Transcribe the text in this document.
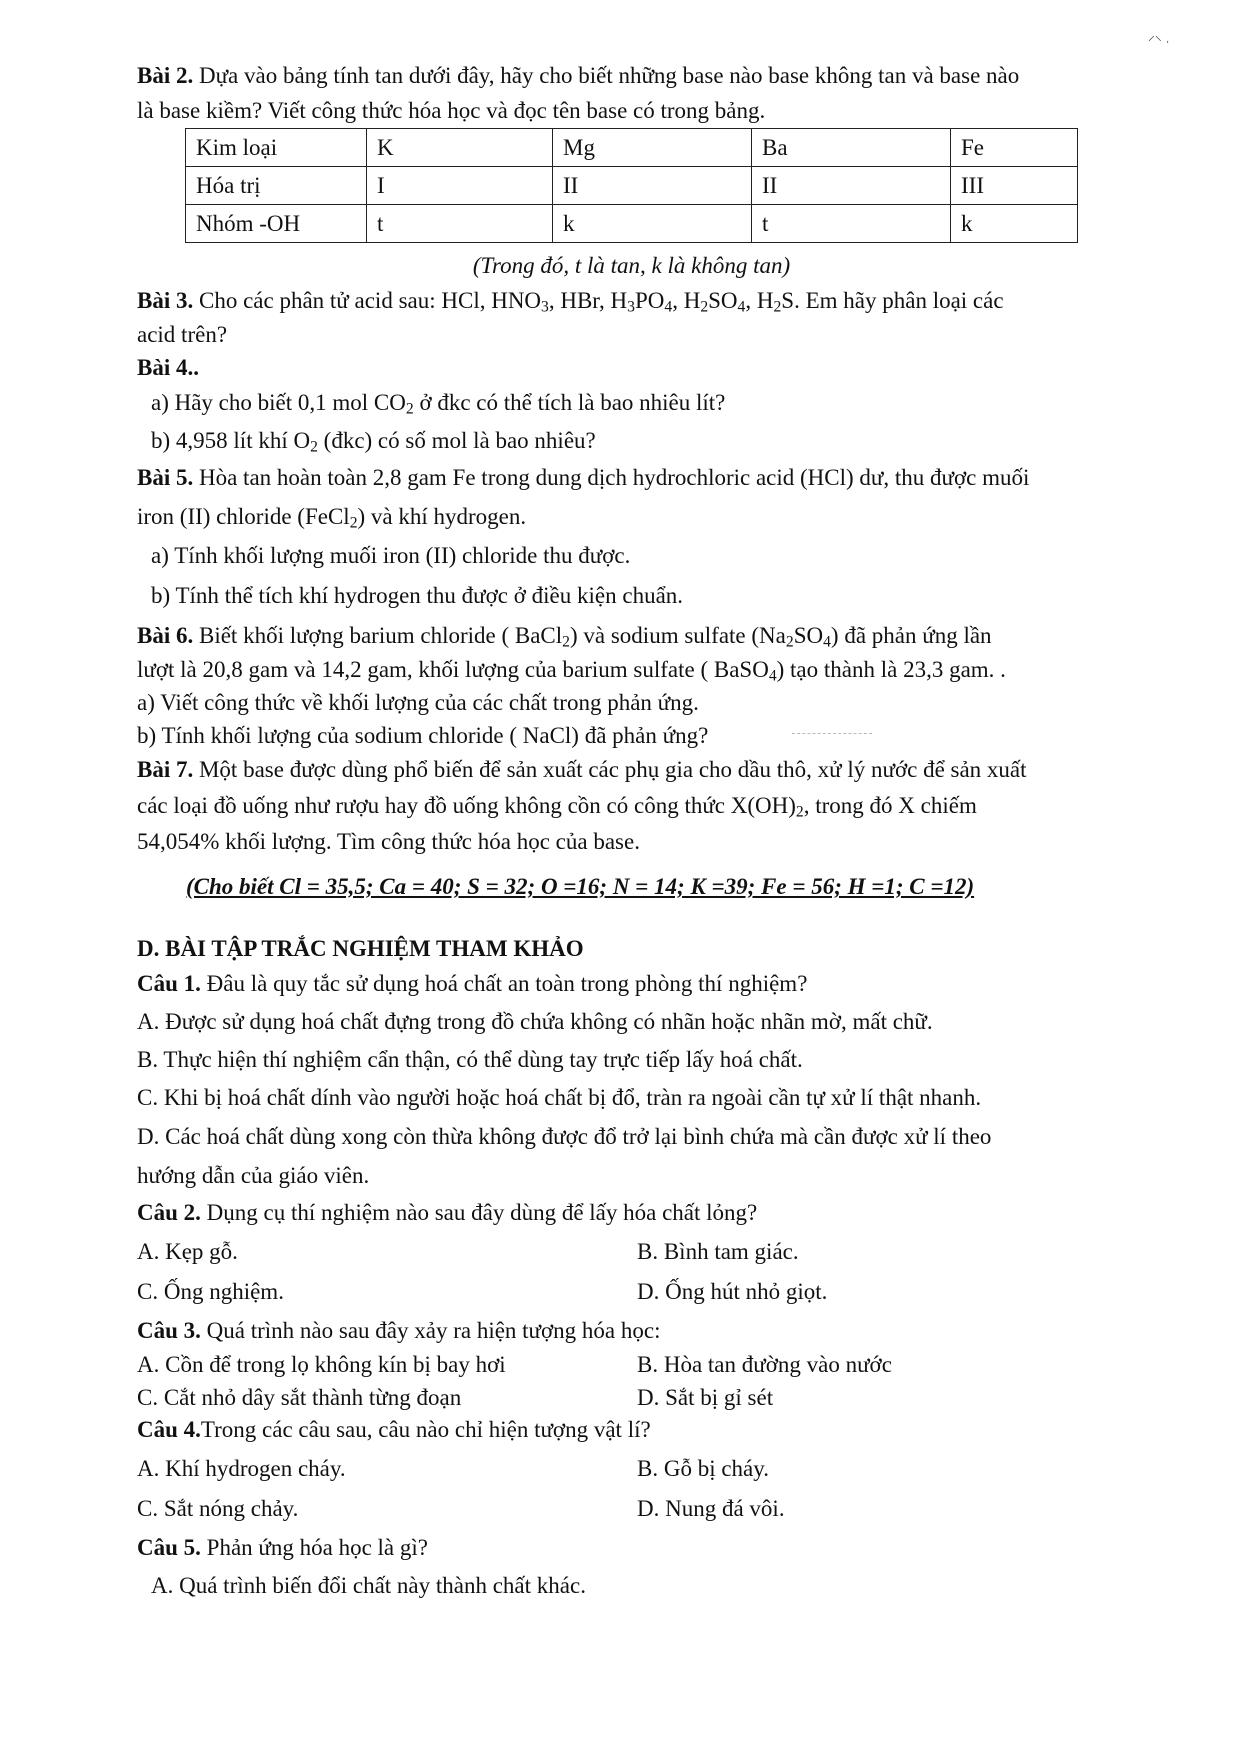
⸝⸜ ˌ
Bài 2. Dựa vào bảng tính tan dưới đây, hãy cho biết những base nào base không tan và base nào
là base kiềm? Viết công thức hóa học và đọc tên base có trong bảng.
Kim loại	K	Mg	Ba	Fe
Hóa trị	I	II	II	III
Nhóm -OH	t	k	t	k
(Trong đó, t là tan, k là không tan)
Bài 3. Cho các phân tử acid sau: HCl, $HNO_3$, HBr, $H_3PO_4$, $H_2SO_4$, $H_2S$. Em hãy phân loại các
acid trên?
Bài 4..
a) Hãy cho biết 0,1 mol $CO_2$ ở đkc có thể tích là bao nhiêu lít?
b) 4,958 lít khí $O_2$ (đkc) có số mol là bao nhiêu?
Bài 5. Hòa tan hoàn toàn 2,8 gam Fe trong dung dịch hydrochloric acid (HCl) dư, thu được muối
iron (II) chloride (FeCl$_2$) và khí hydrogen.
a) Tính khối lượng muối iron (II) chloride thu được.
b) Tính thể tích khí hydrogen thu được ở điều kiện chuẩn.
Bài 6. Biết khối lượng barium chloride ( BaCl$_2$) và sodium sulfate $(Na_2SO_4)$ đã phản ứng lần
lượt là 20,8 gam và 14,2 gam, khối lượng của barium sulfate ( BaSO$_4$) tạo thành là 23,3 gam. .
a) Viết công thức về khối lượng của các chất trong phản ứng.
b) Tính khối lượng của sodium chloride ( NaCl) đã phản ứng?
Bài 7. Một base được dùng phổ biến để sản xuất các phụ gia cho dầu thô, xử lý nước để sản xuất
các loại đồ uống như rượu hay đồ uống không cồn có công thức $X(OH)_2$, trong đó X chiếm
54,054% khối lượng. Tìm công thức hóa học của base.
(Cho biết Cl = 35,5; Ca = 40; S = 32; O =16; N = 14; K =39; Fe = 56; H =1; C =12)
D. BÀI TẬP TRẮC NGHIỆM THAM KHẢO
Câu 1. Đâu là quy tắc sử dụng hoá chất an toàn trong phòng thí nghiệm?
A. Được sử dụng hoá chất đựng trong đồ chứa không có nhãn hoặc nhãn mờ, mất chữ.
B. Thực hiện thí nghiệm cẩn thận, có thể dùng tay trực tiếp lấy hoá chất.
C. Khi bị hoá chất dính vào người hoặc hoá chất bị đổ, tràn ra ngoài cần tự xử lí thật nhanh.
D. Các hoá chất dùng xong còn thừa không được đổ trở lại bình chứa mà cần được xử lí theo
hướng dẫn của giáo viên.
Câu 2. Dụng cụ thí nghiệm nào sau đây dùng để lấy hóa chất lỏng?
A. Kẹp gỗ.	B. Bình tam giác.
C. Ống nghiệm.	D. Ống hút nhỏ giọt.
Câu 3. Quá trình nào sau đây xảy ra hiện tượng hóa học:
A. Cồn để trong lọ không kín bị bay hơi	B. Hòa tan đường vào nước
C. Cắt nhỏ dây sắt thành từng đoạn	D. Sắt bị gỉ sét
Câu 4.Trong các câu sau, câu nào chỉ hiện tượng vật lí?
A. Khí hydrogen cháy.	B. Gỗ bị cháy.
C. Sắt nóng chảy.	D. Nung đá vôi.
Câu 5. Phản ứng hóa học là gì?
A. Quá trình biến đổi chất này thành chất khác.
